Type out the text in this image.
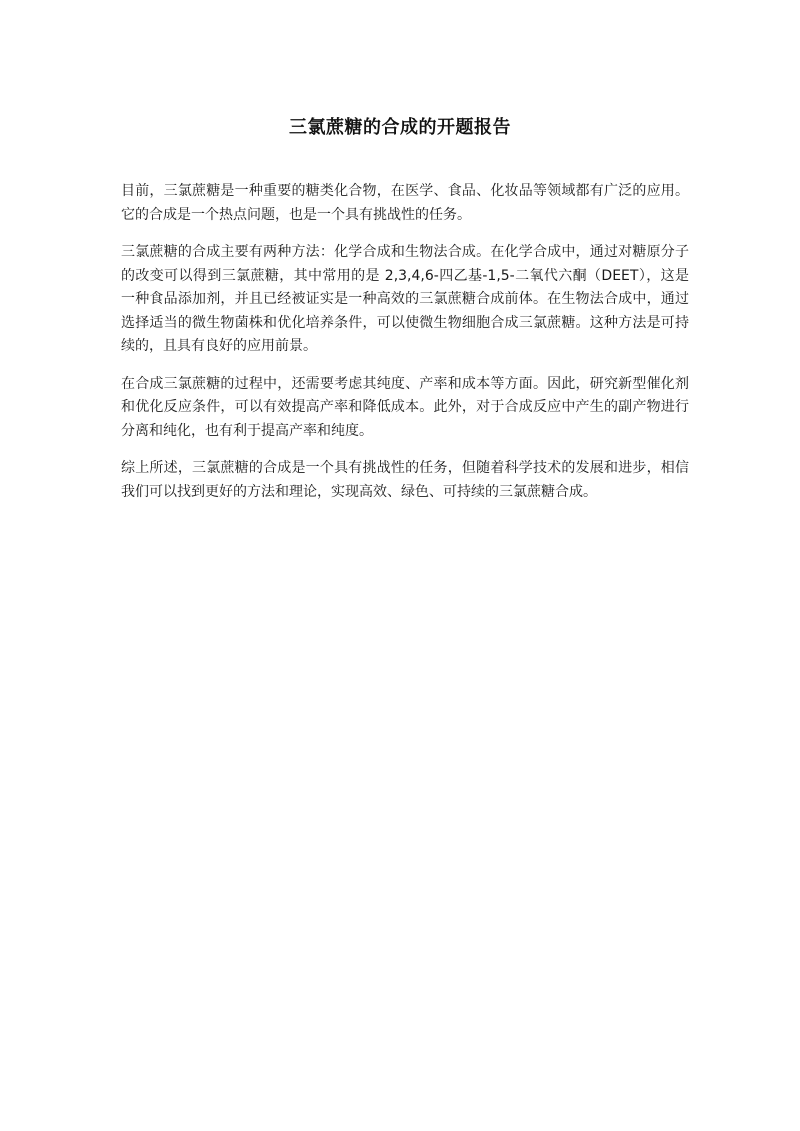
三氯蔗糖的合成的开题报告

目前，三氯蔗糖是一种重要的糖类化合物，在医学、食品、化妆品等领域都有广泛的应用。它的合成是一个热点问题，也是一个具有挑战性的任务。

三氯蔗糖的合成主要有两种方法：化学合成和生物法合成。在化学合成中，通过对糖原分子的改变可以得到三氯蔗糖，其中常用的是 2,3,4,6-四乙基-1,5-二氧代六酮（DEET），这是一种食品添加剂，并且已经被证实是一种高效的三氯蔗糖合成前体。在生物法合成中，通过选择适当的微生物菌株和优化培养条件，可以使微生物细胞合成三氯蔗糖。这种方法是可持续的，且具有良好的应用前景。

在合成三氯蔗糖的过程中，还需要考虑其纯度、产率和成本等方面。因此，研究新型催化剂和优化反应条件，可以有效提高产率和降低成本。此外，对于合成反应中产生的副产物进行分离和纯化，也有利于提高产率和纯度。

综上所述，三氯蔗糖的合成是一个具有挑战性的任务，但随着科学技术的发展和进步，相信我们可以找到更好的方法和理论，实现高效、绿色、可持续的三氯蔗糖合成。
